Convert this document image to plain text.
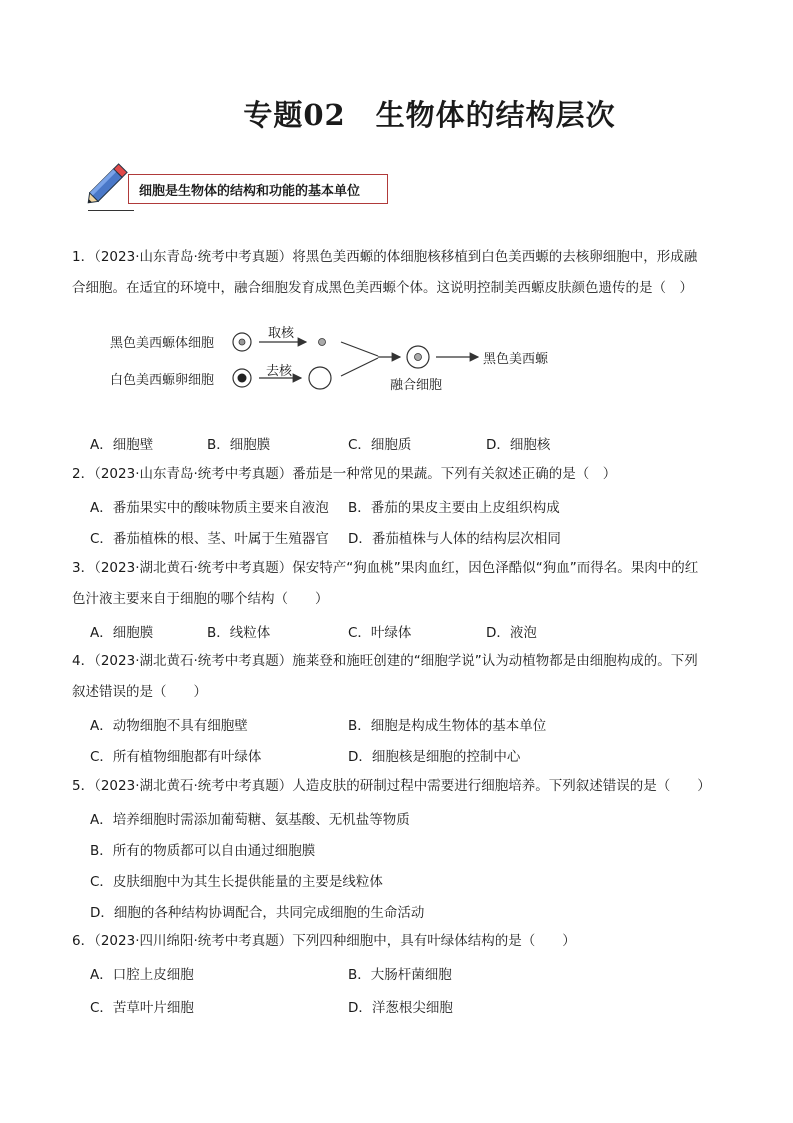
专题02　生物体的结构层次
细胞是生物体的结构和功能的基本单位
1．（2023·山东青岛·统考中考真题）将黑色美西螈的体细胞核移植到白色美西螈的去核卵细胞中，形成融
合细胞。在适宜的环境中，融合细胞发育成黑色美西螈个体。这说明控制美西螈皮肤颜色遗传的是（　）
黑色美西螈体细胞
白色美西螈卵细胞
取核
去核
融合细胞
黑色美西螈
A．细胞壁	B．细胞膜	C．细胞质	D．细胞核
2．（2023·山东青岛·统考中考真题）番茄是一种常见的果蔬。下列有关叙述正确的是（　）
A．番茄果实中的酸味物质主要来自液泡 B．番茄的果皮主要由上皮组织构成
C．番茄植株的根、茎、叶属于生殖器官 D．番茄植株与人体的结构层次相同
3．（2023·湖北黄石·统考中考真题）保安特产“狗血桃”果肉血红，因色泽酷似“狗血”而得名。果肉中的红
色汁液主要来自于细胞的哪个结构（　　）
A．细胞膜	B．线粒体	C．叶绿体	D．液泡
4．（2023·湖北黄石·统考中考真题）施莱登和施旺创建的“细胞学说”认为动植物都是由细胞构成的。下列
叙述错误的是（　　）
A．动物细胞不具有细胞壁	B．细胞是构成生物体的基本单位
C．所有植物细胞都有叶绿体	D．细胞核是细胞的控制中心
5．（2023·湖北黄石·统考中考真题）人造皮肤的研制过程中需要进行细胞培养。下列叙述错误的是（　　）
A．培养细胞时需添加葡萄糖、氨基酸、无机盐等物质
B．所有的物质都可以自由通过细胞膜
C．皮肤细胞中为其生长提供能量的主要是线粒体
D．细胞的各种结构协调配合，共同完成细胞的生命活动
6．（2023·四川绵阳·统考中考真题）下列四种细胞中，具有叶绿体结构的是（　　）
A．口腔上皮细胞	B．大肠杆菌细胞
C．苦草叶片细胞	D．洋葱根尖细胞
